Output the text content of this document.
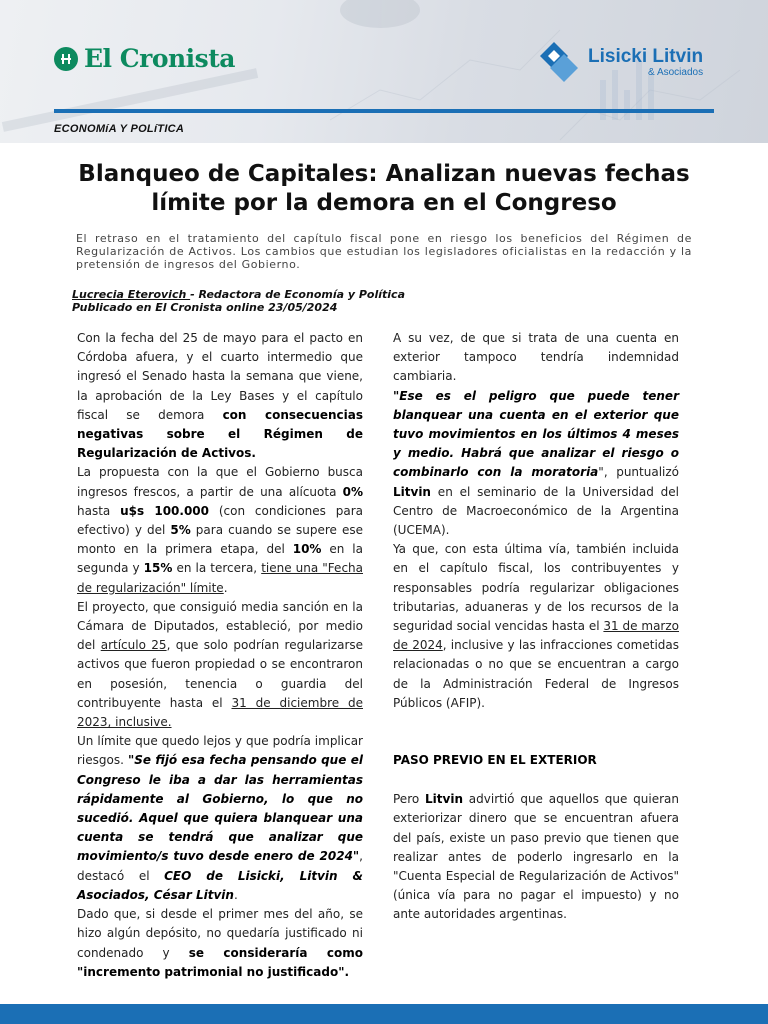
El Cronista	Lisicki Litvin
& Asociados
ECONOMíA Y POLíTICA
Blanqueo de Capitales: Analizan nuevas fechas límite por la demora en el Congreso

El retraso en el tratamiento del capítulo fiscal pone en riesgo los beneficios del Régimen de Regularización de Activos. Los cambios que estudian los legisladores oficialistas en la redacción y la pretensión de ingresos del Gobierno.

Lucrecia Eterovich - Redactora de Economía y Política
Publicado en El Cronista online 23/05/2024

Con la fecha del 25 de mayo para el pacto en Córdoba afuera, y el cuarto intermedio que ingresó el Senado hasta la semana que viene, la aprobación de la Ley Bases y el capítulo fiscal se demora con consecuencias negativas sobre el Régimen de Regularización de Activos.

La propuesta con la que el Gobierno busca ingresos frescos, a partir de una alícuota 0% hasta u$s 100.000 (con condiciones para efectivo) y del 5% para cuando se supere ese monto en la primera etapa, del 10% en la segunda y 15% en la tercera, tiene una "Fecha de regularización" límite.

El proyecto, que consiguió media sanción en la Cámara de Diputados, estableció, por medio del artículo 25, que solo podrían regularizarse activos que fueron propiedad o se encontraron en posesión, tenencia o guardia del contribuyente hasta el 31 de diciembre de 2023, inclusive.

Un límite que quedo lejos y que podría implicar riesgos. "Se fijó esa fecha pensando que el Congreso le iba a dar las herramientas rápidamente al Gobierno, lo que no sucedió. Aquel que quiera blanquear una cuenta se tendrá que analizar que movimiento/s tuvo desde enero de 2024", destacó el CEO de Lisicki, Litvin & Asociados, César Litvin.

Dado que, si desde el primer mes del año, se hizo algún depósito, no quedaría justificado ni condenado y se consideraría como "incremento patrimonial no justificado".

A su vez, de que si trata de una cuenta en exterior tampoco tendría indemnidad cambiaria.

"Ese es el peligro que puede tener blanquear una cuenta en el exterior que tuvo movimientos en los últimos 4 meses y medio. Habrá que analizar el riesgo o combinarlo con la moratoria", puntualizó Litvin en el seminario de la Universidad del Centro de Macroeconómico de la Argentina (UCEMA).

Ya que, con esta última vía, también incluida en el capítulo fiscal, los contribuyentes y responsables podría regularizar obligaciones tributarias, aduaneras y de los recursos de la seguridad social vencidas hasta el 31 de marzo de 2024, inclusive y las infracciones cometidas relacionadas o no que se encuentran a cargo de la Administración Federal de Ingresos Públicos (AFIP).

PASO PREVIO EN EL EXTERIOR

Pero Litvin advirtió que aquellos que quieran exteriorizar dinero que se encuentran afuera del país, existe un paso previo que tienen que realizar antes de poderlo ingresarlo en la "Cuenta Especial de Regularización de Activos" (única vía para no pagar el impuesto) y no ante autoridades argentinas.
